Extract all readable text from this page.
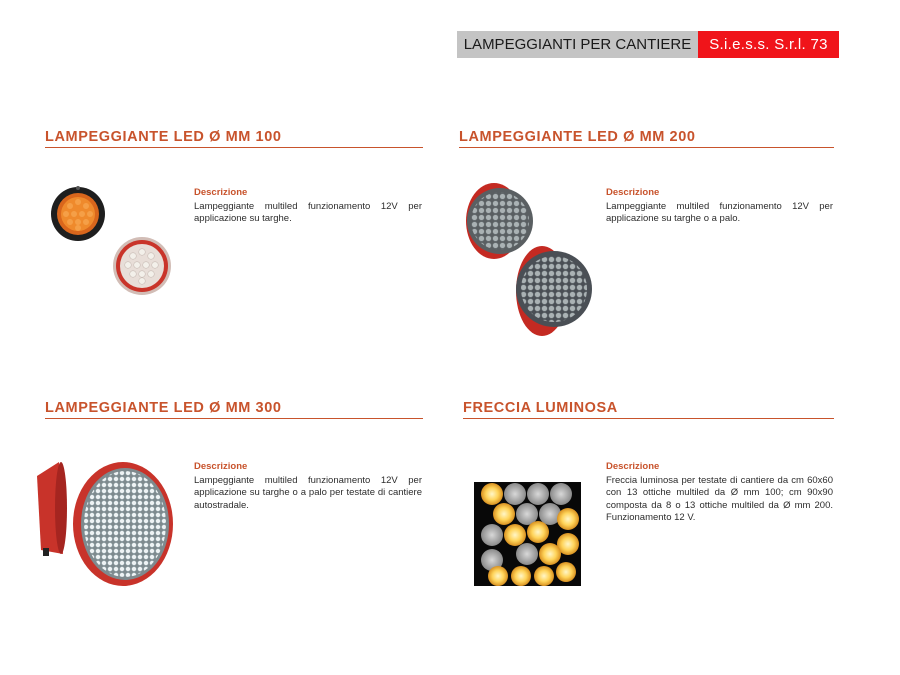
LAMPEGGIANTI PER CANTIERE	S.i.e.s.s. S.r.l. 73
LAMPEGGIANTE LED Ø MM 100
Descrizione
Lampeggiante multiled funzionamento 12V per applicazione su targhe.
LAMPEGGIANTE LED Ø MM 200
Descrizione
Lampeggiante multiled funzionamento 12V per applicazione su targhe o a palo.
LAMPEGGIANTE LED Ø MM 300
Descrizione
Lampeggiante multiled funzionamento 12V per applicazione su targhe o a palo per testate di cantiere autostradale.
FRECCIA LUMINOSA
Descrizione
Freccia luminosa per testate di cantiere da cm 60x60 con 13 ottiche multiled da Ø mm 100; cm 90x90 composta da 8 o 13 ottiche multiled da Ø mm 200. Funzionamento 12 V.
